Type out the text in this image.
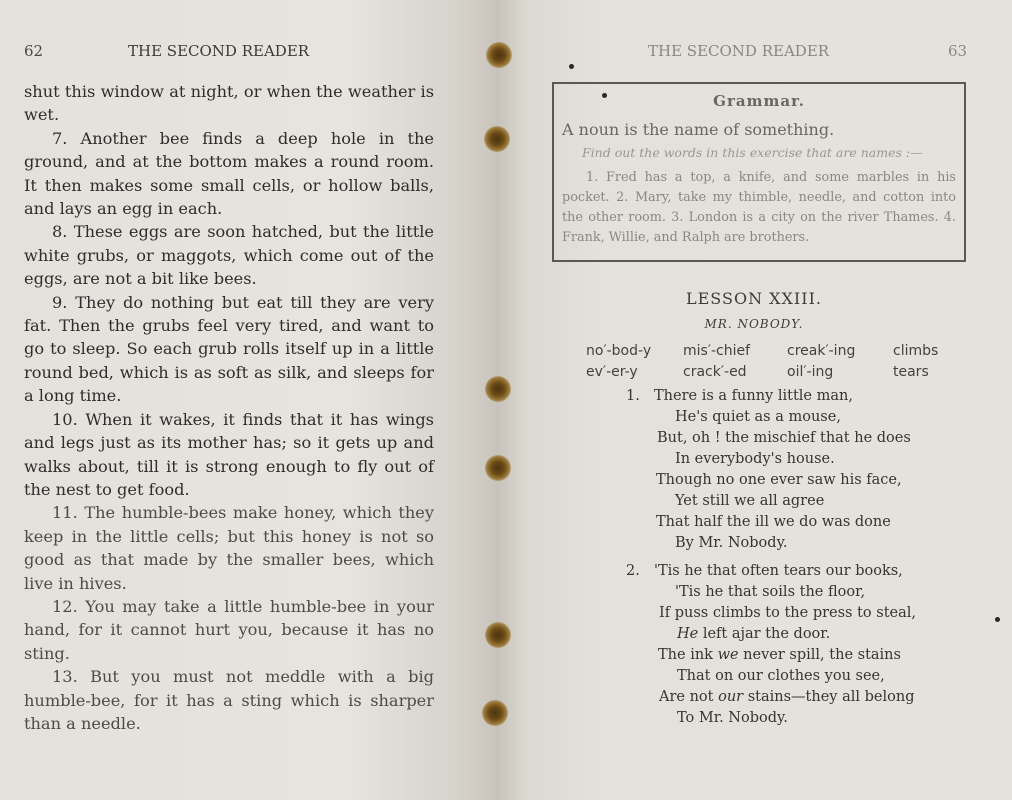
62	THE SECOND READER

shut this window at night, or when the weather is wet.

7. Another bee finds a deep hole in the ground, and at the bottom makes a round room. It then makes some small cells, or hollow balls, and lays an egg in each.

8. These eggs are soon hatched, but the little white grubs, or maggots, which come out of the eggs, are not a bit like bees.

9. They do nothing but eat till they are very fat. Then the grubs feel very tired, and want to go to sleep. So each grub rolls itself up in a little round bed, which is as soft as silk, and sleeps for a long time.

10. When it wakes, it finds that it has wings and legs just as its mother has; so it gets up and walks about, till it is strong enough to fly out of the nest to get food.

11. The humble-bees make honey, which they keep in the little cells; but this honey is not so good as that made by the smaller bees, which live in hives.

12. You may take a little humble-bee in your hand, for it cannot hurt you, because it has no sting.

13. But you must not meddle with a big humble-bee, for it has a sting which is sharper than a needle.

THE SECOND READER	63
Grammar.

A noun is the name of something.

Find out the words in this exercise that are names :—

1. Fred has a top, a knife, and some marbles in his pocket. 2. Mary, take my thimble, needle, and cotton into the other room. 3. London is a city on the river Thames. 4. Frank, Willie, and Ralph are brothers.

LESSON XXIII.
MR. NOBODY.
no′-bod-y mis′-chief	creak′-ing	climbs
ev′-er-y	crack′-ed	oil′-ing	tears
1. There is a funny little man,
He's quiet as a mouse,
But, oh ! the mischief that he does
In everybody's house.
Though no one ever saw his face,
Yet still we all agree
That half the ill we do was done
By Mr. Nobody.
2. 'Tis he that often tears our books,
'Tis he that soils the floor,
If puss climbs to the press to steal,
He left ajar the door.
The ink we never spill, the stains
That on our clothes you see,
Are not our stains—they all belong
To Mr. Nobody.
